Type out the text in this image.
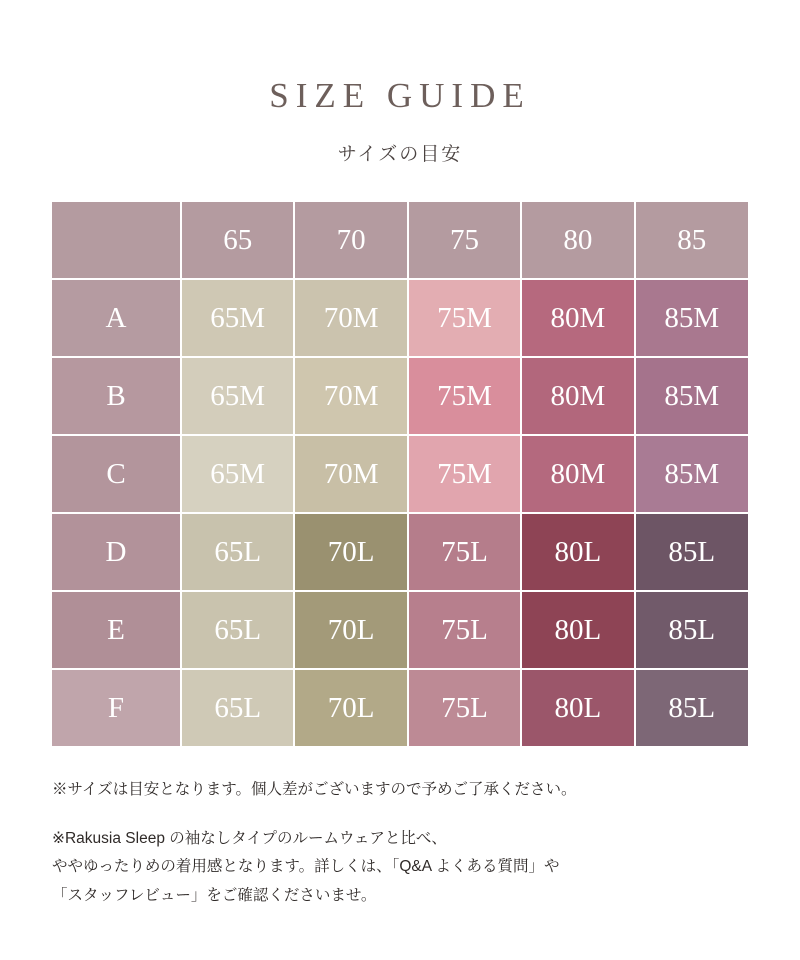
SIZE GUIDE

サイズの目安

	65	70	75	80	85
A	65M	70M	75M	80M	85M
B	65M	70M	75M	80M	85M
C	65M	70M	75M	80M	85M
D	65L	70L	75L	80L	85L
E	65L	70L	75L	80L	85L
F	65L	70L	75L	80L	85L

※サイズは目安となります。個人差がございますので予めご了承ください。

※Rakusia Sleep の袖なしタイプのルームウェアと比べ、

ややゆったりめの着用感となります。詳しくは、「Q&A よくある質問」や

「スタッフレビュー」をご確認くださいませ。
